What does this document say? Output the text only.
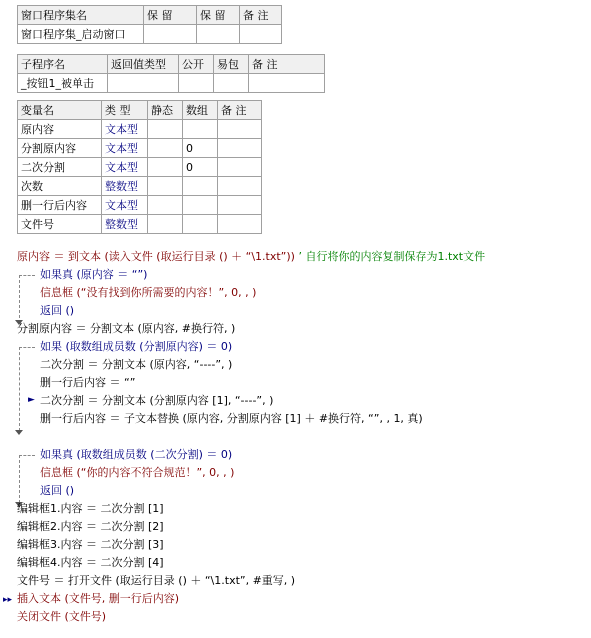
窗口程序集名	保 留	保 留	备 注
窗口程序集_启动窗口			
子程序名	返回值类型	公开	易包	备 注
_按钮1_被单击				
变量名	类 型	静态	数组	备 注
原内容	文本型			
分割原内容	文本型		0	
二次分割	文本型		0	
次数	整数型			
删一行后内容	文本型			
文件号	整数型			
►
原内容 ＝ 到文本 (读入文件 (取运行目录 () ＋ “\1.txt”)) ’ 自行将你的内容复制保存为1.txt文件
如果真 (原内容 ＝ “”)
信息框 (“没有找到你所需要的内容！”, 0, , )
返回 ()
分割原内容 ＝ 分割文本 (原内容, #换行符, )
如果 (取数组成员数 (分割原内容) ＝ 0)
二次分割 ＝ 分割文本 (原内容, “----”, )
删一行后内容 ＝ “”
二次分割 ＝ 分割文本 (分割原内容 [1], “----”, )
删一行后内容 ＝ 子文本替换 (原内容, 分割原内容 [1] ＋ #换行符, “”, , 1, 真)
如果真 (取数组成员数 (二次分割) ＝ 0)
信息框 (“你的内容不符合规范！”, 0, , )
返回 ()
编辑框1.内容 ＝ 二次分割 [1]
编辑框2.内容 ＝ 二次分割 [2]
编辑框3.内容 ＝ 二次分割 [3]
编辑框4.内容 ＝ 二次分割 [4]
文件号 ＝ 打开文件 (取运行目录 () ＋ “\1.txt”, #重写, )
▸▸ 插入文本 (文件号, 删一行后内容)
关闭文件 (文件号)
